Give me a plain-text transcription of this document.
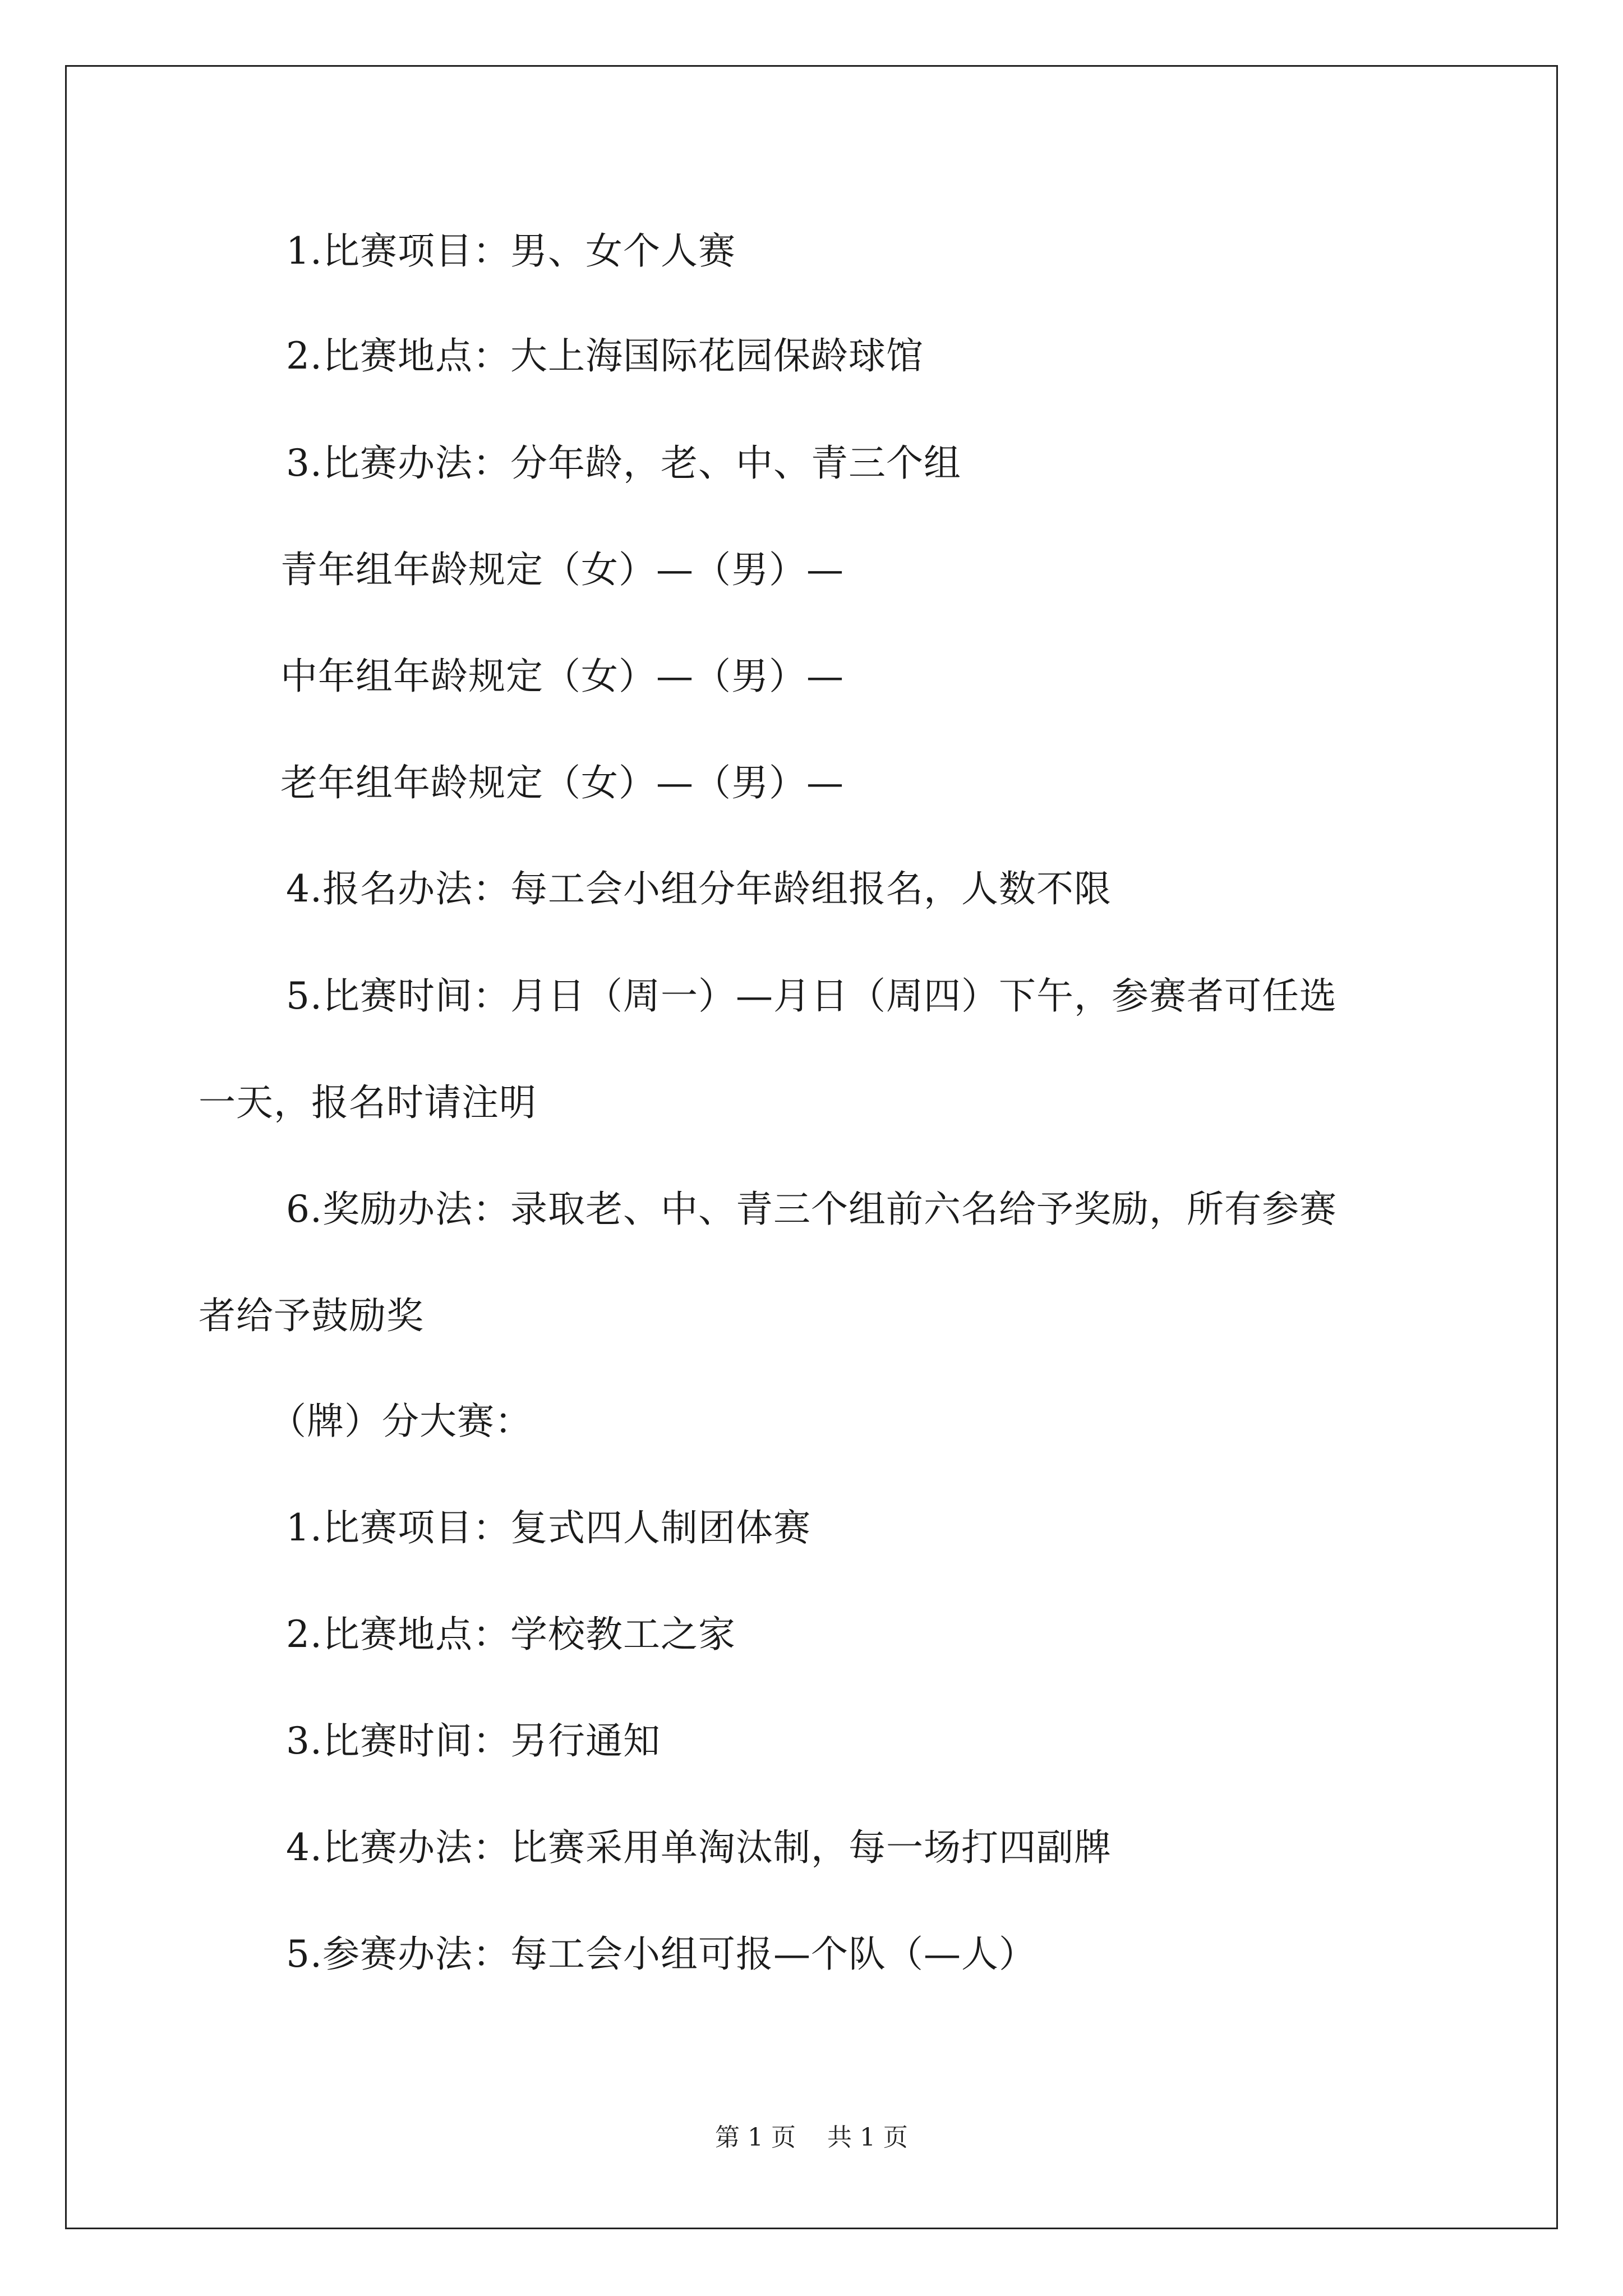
1.比赛项目：男、女个人赛
2.比赛地点：大上海国际花园保龄球馆
3.比赛办法：分年龄，老、中、青三个组
青年组年龄规定（女）—（男）—
中年组年龄规定（女）—（男）—
老年组年龄规定（女）—（男）—
4.报名办法：每工会小组分年龄组报名，人数不限
5.比赛时间：月日（周一）—月日（周四）下午，参赛者可任选
一天，报名时请注明
6.奖励办法：录取老、中、青三个组前六名给予奖励，所有参赛
者给予鼓励奖
（牌）分大赛：
1.比赛项目：复式四人制团体赛
2.比赛地点：学校教工之家
3.比赛时间：另行通知
4.比赛办法：比赛采用单淘汰制，每一场打四副牌
5.参赛办法：每工会小组可报—个队（—人）
第 1 页    共 1 页
